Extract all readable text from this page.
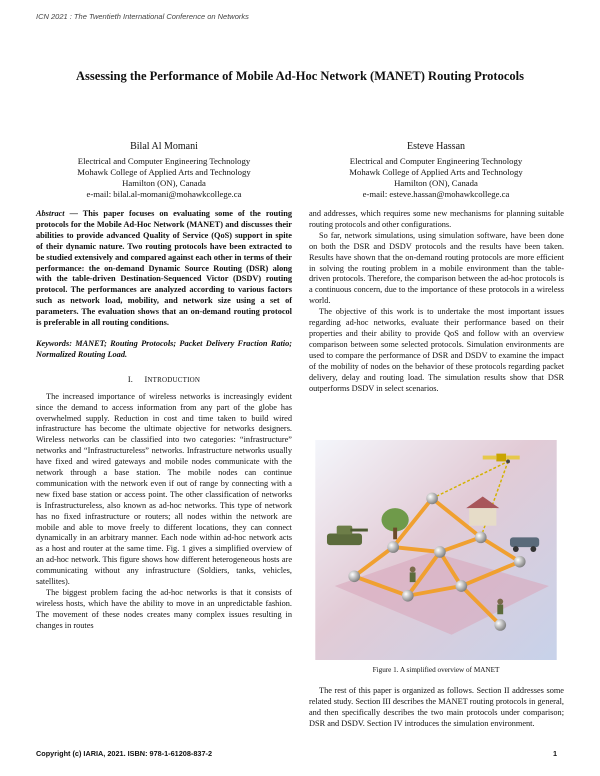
ICN 2021 : The Twentieth International Conference on Networks
Assessing the Performance of Mobile Ad-Hoc Network (MANET) Routing Protocols
Bilal Al Momani
Electrical and Computer Engineering Technology
Mohawk College of Applied Arts and Technology
Hamilton (ON), Canada
e-mail: bilal.al-momani@mohawkcollege.ca
Esteve Hassan
Electrical and Computer Engineering Technology
Mohawk College of Applied Arts and Technology
Hamilton (ON), Canada
e-mail: esteve.hassan@mohawkcollege.ca

Abstract — This paper focuses on evaluating some of the routing protocols for the Mobile Ad-Hoc Network (MANET) and discusses their abilities to provide advanced Quality of Service (QoS) support in spite of their dynamic nature. Two routing protocols have been extracted to be studied extensively and compared against each other in terms of their performance: the on-demand Dynamic Source Routing (DSR) along with the table-driven Destination-Sequenced Victor (DSDV) routing protocol. The performances are analyzed according to various factors such as network load, mobility, and network size using a set of parameters. The evaluation shows that an on-demand routing protocol is preferable in all routing conditions.

Keywords: MANET; Routing Protocols; Packet Delivery Fraction Ratio; Normalized Routing Load.

I. INTRODUCTION

The increased importance of wireless networks is increasingly evident since the demand to access information from any part of the globe has overwhelmed supply. Reduction in cost and time taken to build wired infrastructure has become the ultimate objective for networks designers. Wireless networks can be classified into two categories: “infrastructure” networks and “Infrastructureless” networks. Infrastructure networks usually have fixed and wired gateways and mobile nodes communicate with the network through a base station. The mobile nodes can continue communication with the network even if out of range by connecting with a new fixed base station or access point. The other classification of networks is Infrastructureless, also known as ad-hoc networks. This type of network has no fixed infrastructure or routers; all nodes within the network are mobile and able to move freely to different locations, they can connect dynamically in an arbitrary manner. Each node within ad-hoc network acts as a host and router at the same time. Fig. 1 gives a simplified overview of an ad-hoc network. This figure shows how different heterogeneous hosts are communicating without any infrastructure (Soldiers, tanks, vehicles, satellites).

The biggest problem facing the ad-hoc networks is that it consists of wireless hosts, which have the ability to move in an unpredictable fashion. The movement of these nodes creates many complex issues resulting in changes in routes

and addresses, which requires some new mechanisms for planning suitable routing protocols and other configurations.

So far, network simulations, using simulation software, have been done on both the DSR and DSDV protocols and the results have been taken. Results have shown that the on-demand routing protocols are more efficient in solving the routing problem in a mobile environment than the table-driven protocols. Therefore, the comparison between the ad-hoc protocols is a continuous concern, due to the importance of these protocols in a wireless world.

The objective of this work is to undertake the most important issues regarding ad-hoc networks, evaluate their performance based on their properties and their ability to provide QoS and follow with an overview comparison between some selected protocols. Simulation environments are used to compare the performance of DSR and DSDV to examine the impact of the mobility of nodes on the behavior of these protocols regarding packet delivery, delay and routing load. The simulation results show that DSR outperforms DSDV in select scenarios.

Figure 1. A simplified overview of MANET
Copyright (c) IARIA, 2021. ISBN: 978-1-61208-837-2	1

The rest of this paper is organized as follows. Section II addresses some related study. Section III describes the MANET routing protocols in general, and then specifically describes the two main protocols under comparison; DSR and DSDV. Section IV introduces the simulation environment.
